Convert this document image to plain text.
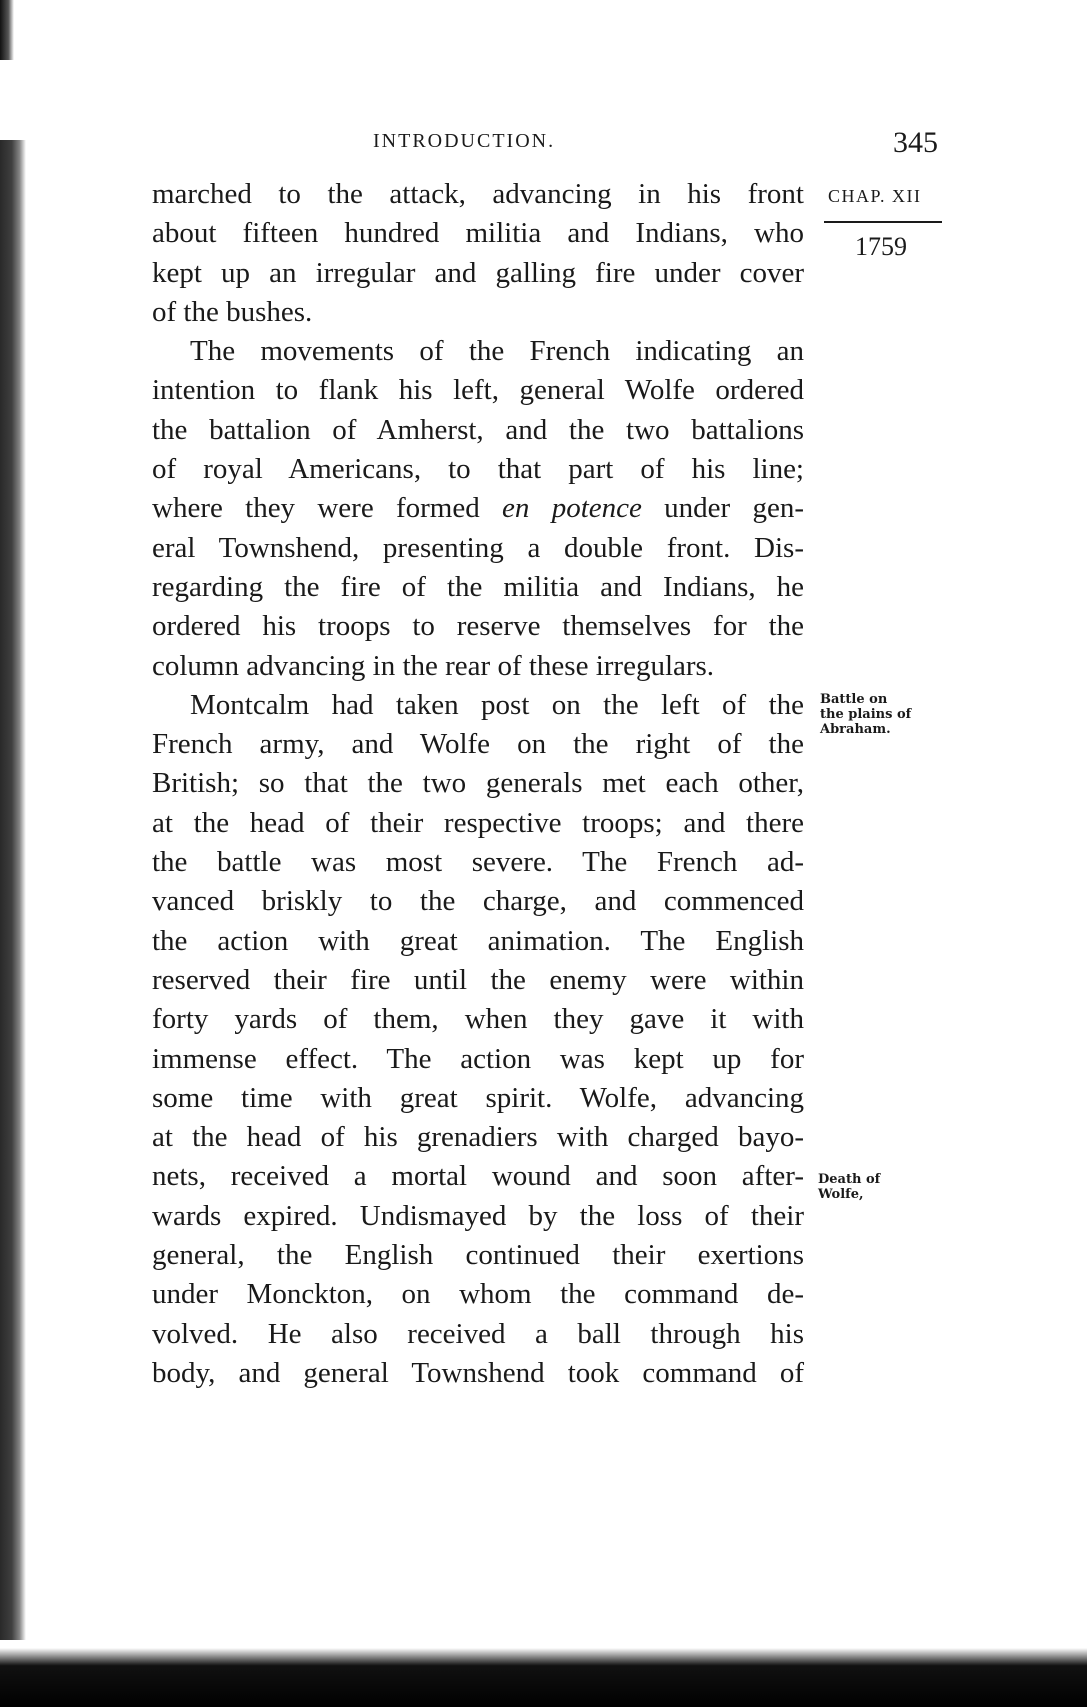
INTRODUCTION.	345
CHAP. XII
1759
Battle on
the plains of
Abraham.
Death of
Wolfe,
marched to the attack, advancing in his front
about fifteen hundred militia and Indians, who
kept up an irregular and galling fire under cover
of the bushes.
The movements of the French indicating an
intention to flank his left, general Wolfe ordered
the battalion of Amherst, and the two battalions
of royal Americans, to that part of his line;
where they were formed en potence under gen-
eral Townshend, presenting a double front. Dis-
regarding the fire of the militia and Indians, he
ordered his troops to reserve themselves for the
column advancing in the rear of these irregulars.
Montcalm had taken post on the left of the
French army, and Wolfe on the right of the
British; so that the two generals met each other,
at the head of their respective troops; and there
the battle was most severe. The French ad-
vanced briskly to the charge, and commenced
the action with great animation. The English
reserved their fire until the enemy were within
forty yards of them, when they gave it with
immense effect. The action was kept up for
some time with great spirit. Wolfe, advancing
at the head of his grenadiers with charged bayo-
nets, received a mortal wound and soon after-
wards expired. Undismayed by the loss of their
general, the English continued their exertions
under Monckton, on whom the command de-
volved. He also received a ball through his
body, and general Townshend took command of
